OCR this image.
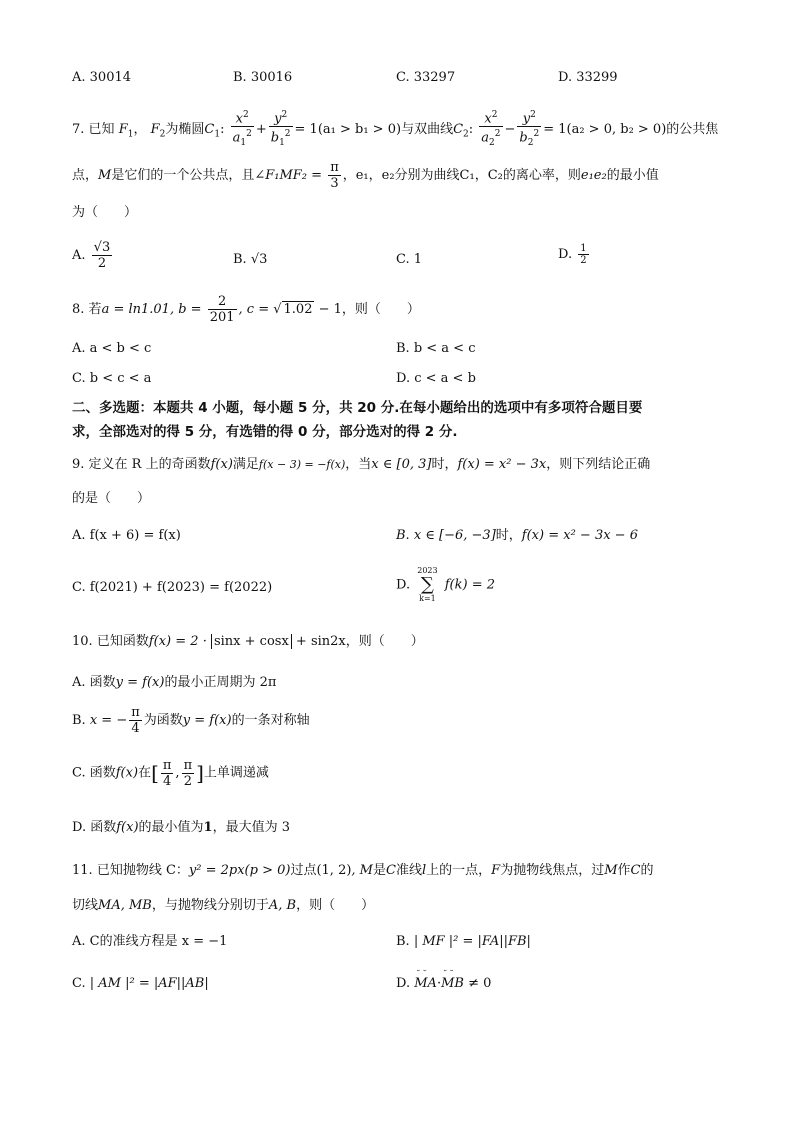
A. 30014	B. 30016	C. 33297	D. 33299
7. 已知 $F_1$， $F_2$为椭圆$C_1$: $\frac{x^2}{a_1^2} + \frac{y^2}{b_1^2} = 1(a_1 > b_1 > 0)$与双曲线$C_2$: $\frac{x^2}{a_2^2} - \frac{y^2}{b_2^2} = 1(a_2 > 0$, b₂ > 0)的公共焦
点，M是它们的一个公共点，且∠F₁MF₂ = $\frac{\pi}{3}$ ，e₁，e₂分别为曲线C₁，C₂的离心率，则e₁e₂的最小值
为（　　）
A. $\frac{√3}{2}$	B. √3	C. 1	D. $\frac{1}{2}$
8. 若a = ln1.01, $b = \frac{2}{201}$ , c = √ 1.02 − 1，则（　　）
A. a < b < c	B. b < a < c
C. b < c < a	D. c < a < b
二、多选题：本题共 4 小题，每小题 5 分，共 20 分.在每小题给出的选项中有多项符合题目要
求，全部选对的得 5 分，有选错的得 0 分，部分选对的得 2 分.
9. 定义在 R 上的奇函数f(x)满足f(x − 3) = −f(x)，当x ∈ [0, 3]时，f(x) = x² − 3x，则下列结论正确
的是（　　）
A. f(x + 6) = f(x)	B. x ∈ [−6, −3]时，f(x) = x² − 3x − 6
C. f(2021) + f(2023) = f(2022)	D.
2023
∑
k=1
f(k) = 2
10. 已知函数f(x) = 2 · sinx + cosx + sin2x，则（　　）
A. 函数y = f(x)的最小正周期为 2π
B. x = − $\frac{\pi}{4}$ 为函数y = f(x)的一条对称轴
C. 函数f(x)在[ $\frac{\pi}{4}$ , $\frac{\pi}{2}$ ]上单调递减
D. 函数f(x)的最小值为1，最大值为 3
11. 已知抛物线 C：y² = 2px(p > 0)过点(1, 2), M是C准线l上的一点，F为抛物线焦点，过M作C的
切线MA, MB，与抛物线分别切于A, B，则（　　）
A. C的准线方程是 x = −1	B. | MF |² = |FA||FB|
C. | AM |² = |AF||AB|	D. ˘˘ MA·˘˘ MB ≠ 0
